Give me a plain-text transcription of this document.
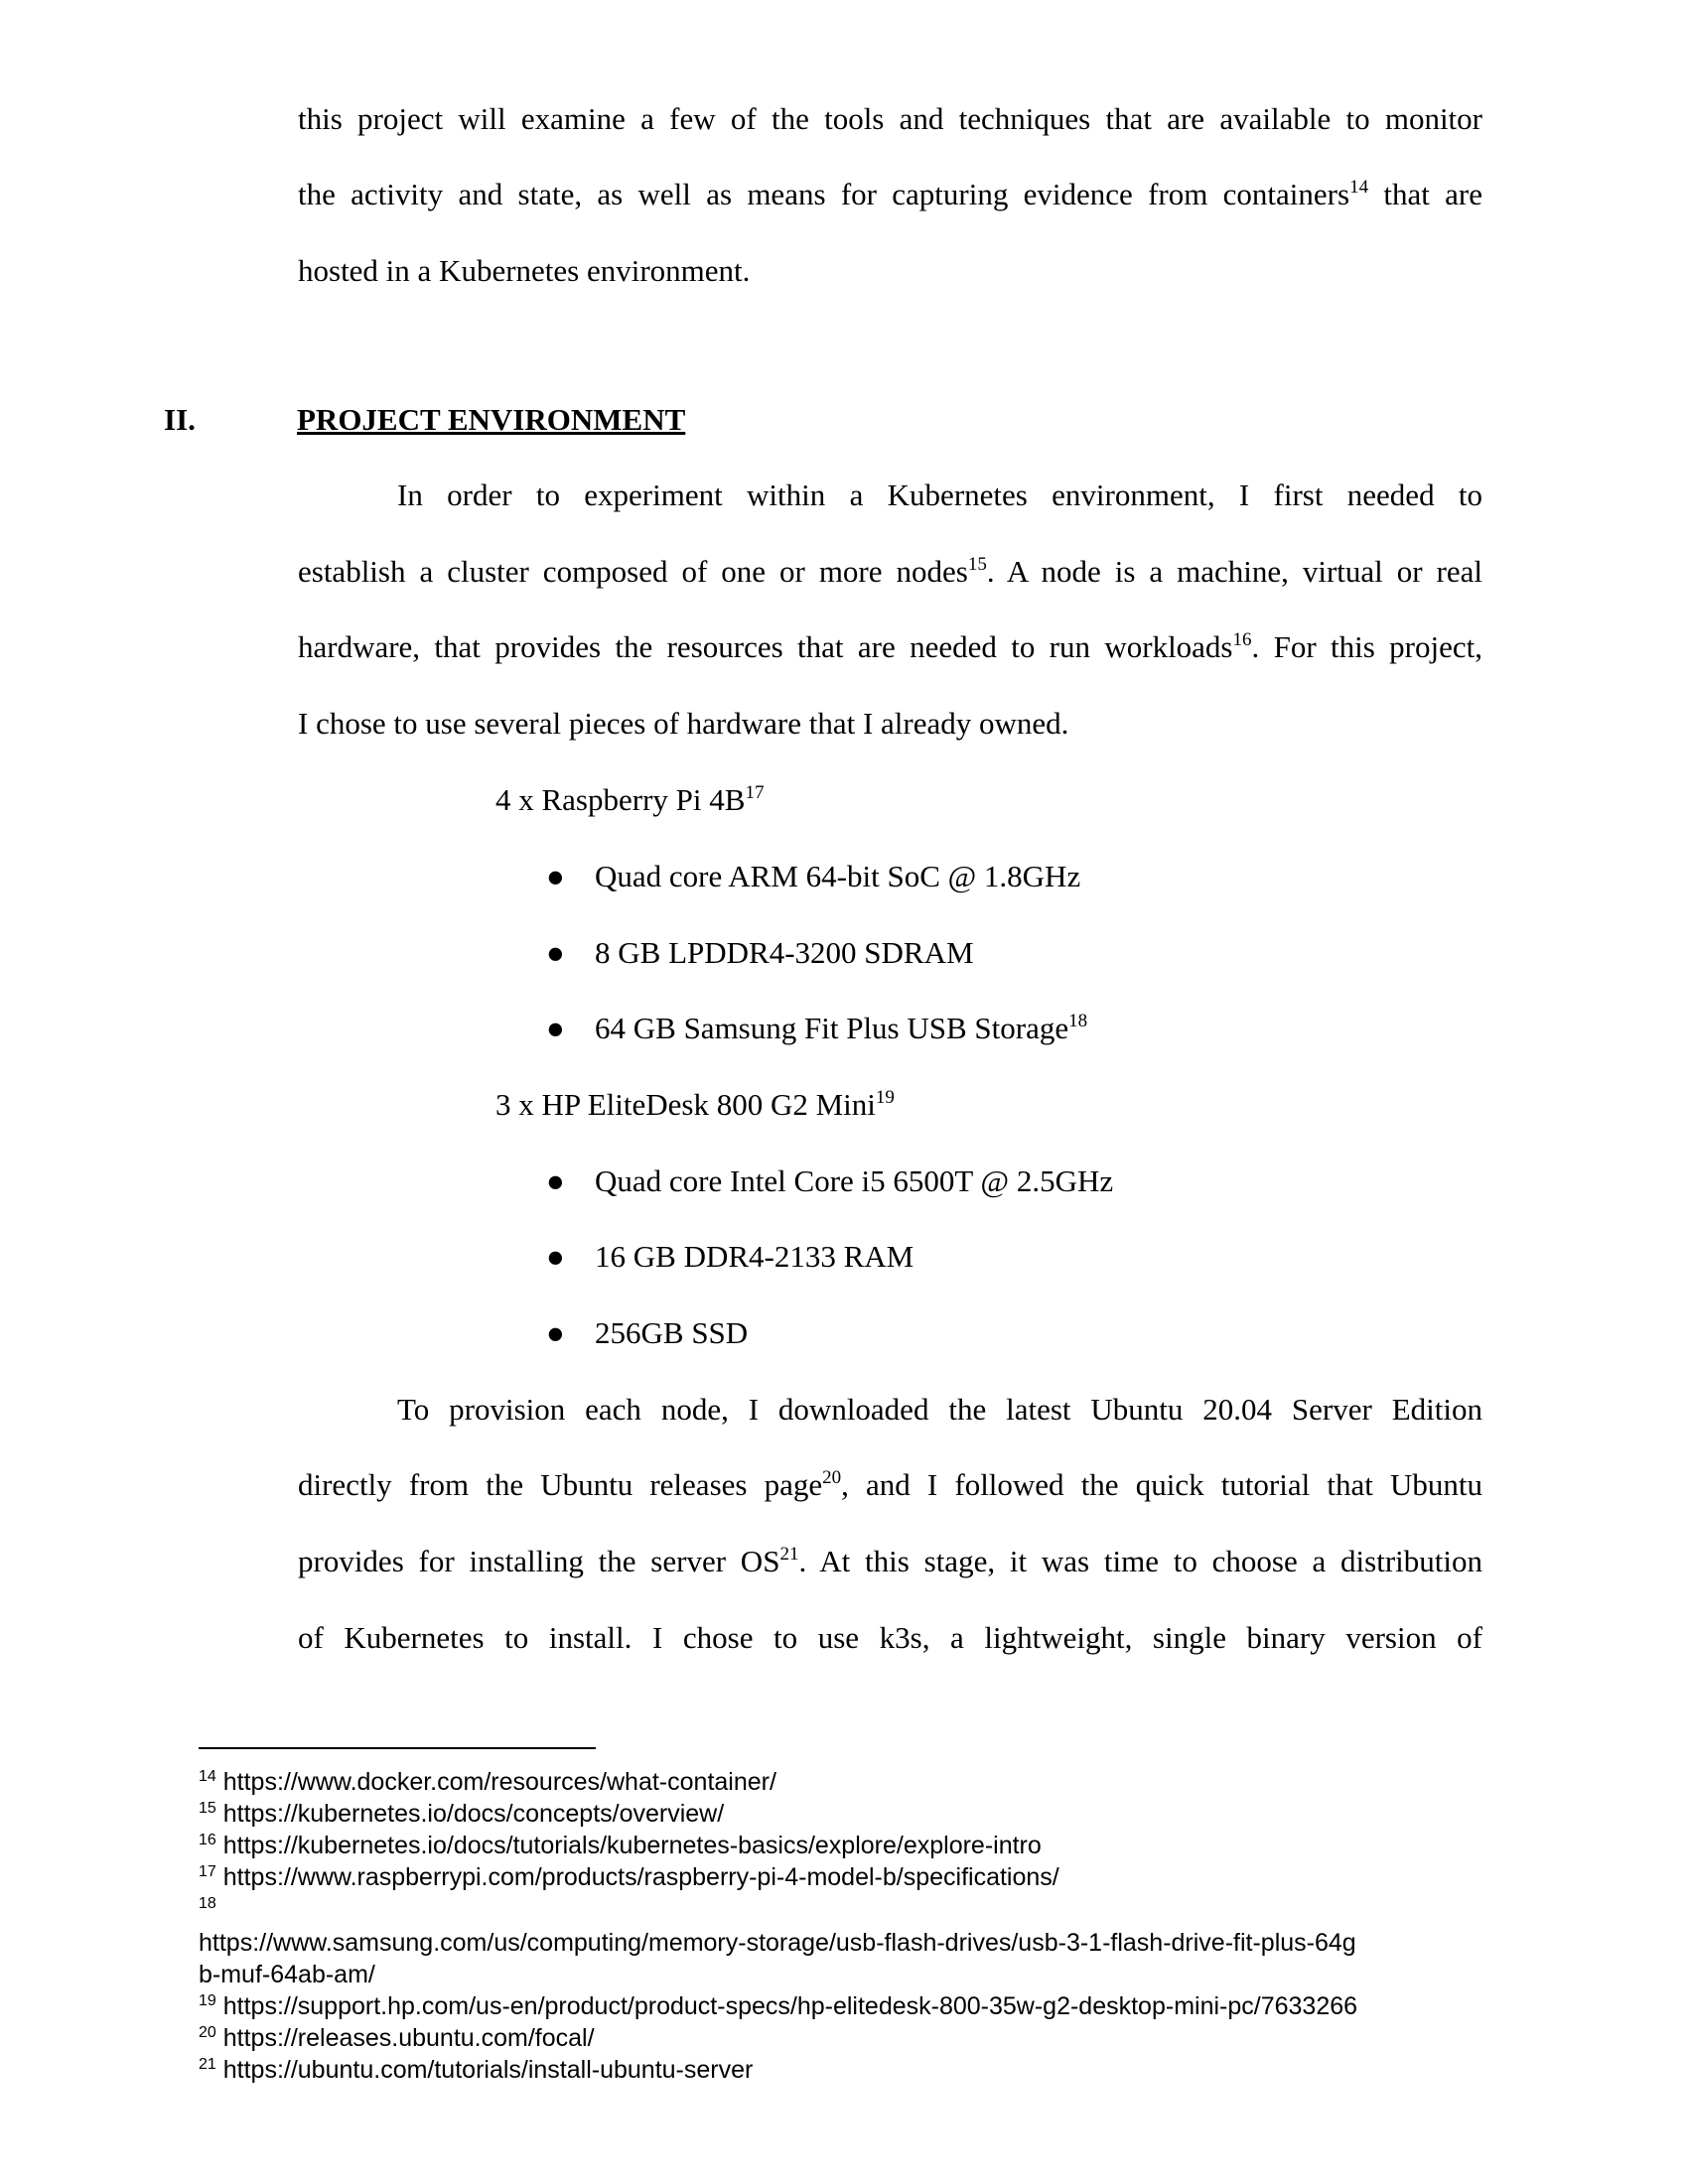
this project will examine a few of the tools and techniques that are available to monitor
the activity and state, as well as means for capturing evidence from containers$^{14}$ that are
hosted in a Kubernetes environment.
II.	PROJECT ENVIRONMENT
In order to experiment within a Kubernetes environment, I first needed to
establish a cluster composed of one or more nodes$^{15}$. A node is a machine, virtual or real
hardware, that provides the resources that are needed to run workloads$^{16}$. For this project,
I chose to use several pieces of hardware that I already owned.
4 x Raspberry Pi $4B^{17}$
● Quad core ARM 64-bit SoC @ 1.8GHz
● 8 GB LPDDR4-3200 SDRAM
● 64 GB Samsung Fit Plus USB Storage$^{18}$
3 x HP EliteDesk 800 G2 Mini$^{19}$
● Quad core Intel Core i5 6500T @ 2.5GHz
● 16 GB DDR4-2133 RAM
● 256GB SSD
To provision each node, I downloaded the latest Ubuntu 20.04 Server Edition
directly from the Ubuntu releases page$^{20}$, and I followed the quick tutorial that Ubuntu
provides for installing the server OS$^{21}$. At this stage, it was time to choose a distribution
of Kubernetes to install. I chose to use k3s, a lightweight, single binary version of
$^{14}$ https://www.docker.com/resources/what-container/
$^{15}$ https://kubernetes.io/docs/concepts/overview/
$^{16}$ https://kubernetes.io/docs/tutorials/kubernetes-basics/explore/explore-intro
$^{17}$ https://www.raspberrypi.com/products/raspberry-pi-4-model-b/specifications/
$^{18}$
https://www.samsung.com/us/computing/memory-storage/usb-flash-drives/usb-3-1-flash-drive-fit-plus-64g
b-muf-64ab-am/
$^{19}$ https://support.hp.com/us-en/product/product-specs/hp-elitedesk-800-35w-g2-desktop-mini-pc/7633266
$^{20}$ https://releases.ubuntu.com/focal/
$^{21}$ https://ubuntu.com/tutorials/install-ubuntu-server
